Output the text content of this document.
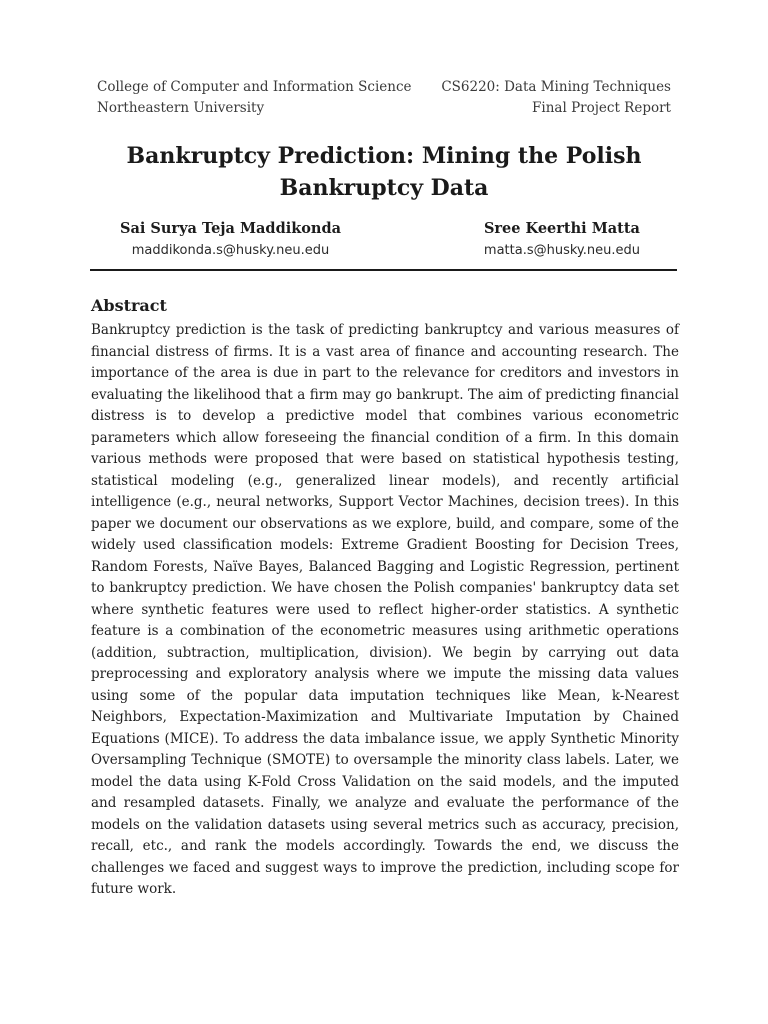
College of Computer and Information Science
Northeastern University
CS6220: Data Mining Techniques
Final Project Report
Bankruptcy Prediction: Mining the Polish Bankruptcy Data
Sai Surya Teja Maddikonda
maddikonda.s@husky.neu.edu
Sree Keerthi Matta
matta.s@husky.neu.edu
Abstract
Bankruptcy prediction is the task of predicting bankruptcy and various measures of financial distress of firms. It is a vast area of finance and accounting research. The importance of the area is due in part to the relevance for creditors and investors in evaluating the likelihood that a firm may go bankrupt. The aim of predicting financial distress is to develop a predictive model that combines various econometric parameters which allow foreseeing the financial condition of a firm. In this domain various methods were proposed that were based on statistical hypothesis testing, statistical modeling (e.g., generalized linear models), and recently artificial intelligence (e.g., neural networks, Support Vector Machines, decision trees). In this paper we document our observations as we explore, build, and compare, some of the widely used classification models: Extreme Gradient Boosting for Decision Trees, Random Forests, Naïve Bayes, Balanced Bagging and Logistic Regression, pertinent to bankruptcy prediction. We have chosen the Polish companies' bankruptcy data set where synthetic features were used to reflect higher-order statistics. A synthetic feature is a combination of the econometric measures using arithmetic operations (addition, subtraction, multiplication, division). We begin by carrying out data preprocessing and exploratory analysis where we impute the missing data values using some of the popular data imputation techniques like Mean, k-Nearest Neighbors, Expectation-Maximization and Multivariate Imputation by Chained Equations (MICE). To address the data imbalance issue, we apply Synthetic Minority Oversampling Technique (SMOTE) to oversample the minority class labels. Later, we model the data using K-Fold Cross Validation on the said models, and the imputed and resampled datasets. Finally, we analyze and evaluate the performance of the models on the validation datasets using several metrics such as accuracy, precision, recall, etc., and rank the models accordingly. Towards the end, we discuss the challenges we faced and suggest ways to improve the prediction, including scope for future work.
